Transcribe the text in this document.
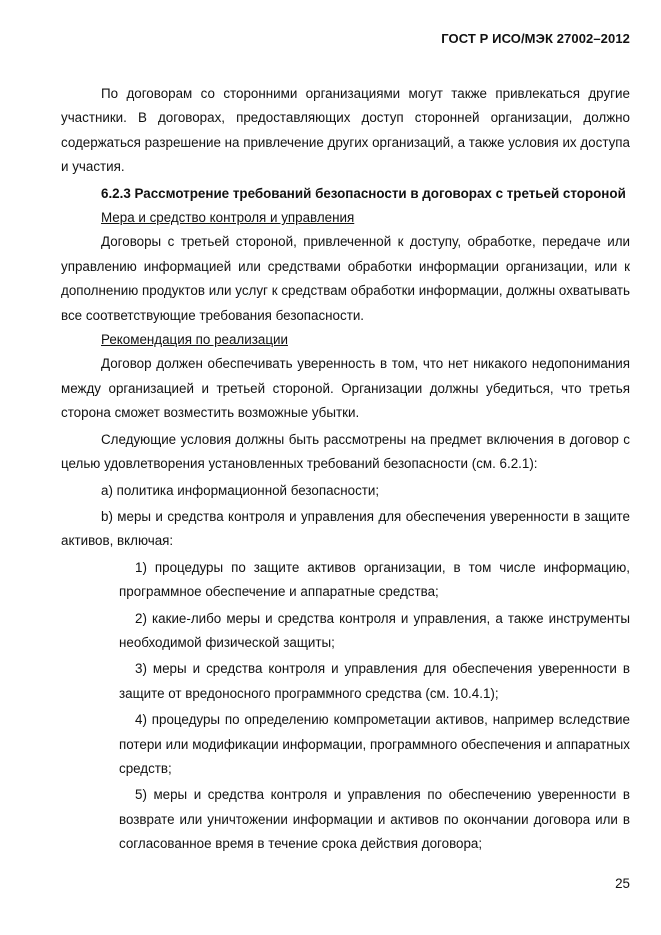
ГОСТ Р ИСО/МЭК 27002–2012

По договорам со сторонними организациями могут также привлекаться другие участники. В договорах, предоставляющих доступ сторонней организации, должно содержаться разрешение на привлечение других организаций, а также условия их доступа и участия.

6.2.3 Рассмотрение требований безопасности в договорах с третьей стороной

Мера и средство контроля и управления

Договоры с третьей стороной, привлеченной к доступу, обработке, передаче или управлению информацией или средствами обработки информации организации, или к дополнению продуктов или услуг к средствам обработки информации, должны охватывать все соответствующие требования безопасности.

Рекомендация по реализации

Договор должен обеспечивать уверенность в том, что нет никакого недопонимания между организацией и третьей стороной. Организации должны убедиться, что третья сторона сможет возместить возможные убытки.

Следующие условия должны быть рассмотрены на предмет включения в договор с целью удовлетворения установленных требований безопасности (см. 6.2.1):

a) политика информационной безопасности;

b) меры и средства контроля и управления для обеспечения уверенности в защите активов, включая:

1) процедуры по защите активов организации, в том числе информацию, программное обеспечение и аппаратные средства;

2) какие-либо меры и средства контроля и управления, а также инструменты необходимой физической защиты;

3) меры и средства контроля и управления для обеспечения уверенности в защите от вредоносного программного средства (см. 10.4.1);

4) процедуры по определению компрометации активов, например вследствие потери или модификации информации, программного обеспечения и аппаратных средств;

5) меры и средства контроля и управления по обеспечению уверенности в возврате или уничтожении информации и активов по окончании договора или в согласованное время в течение срока действия договора;

25
